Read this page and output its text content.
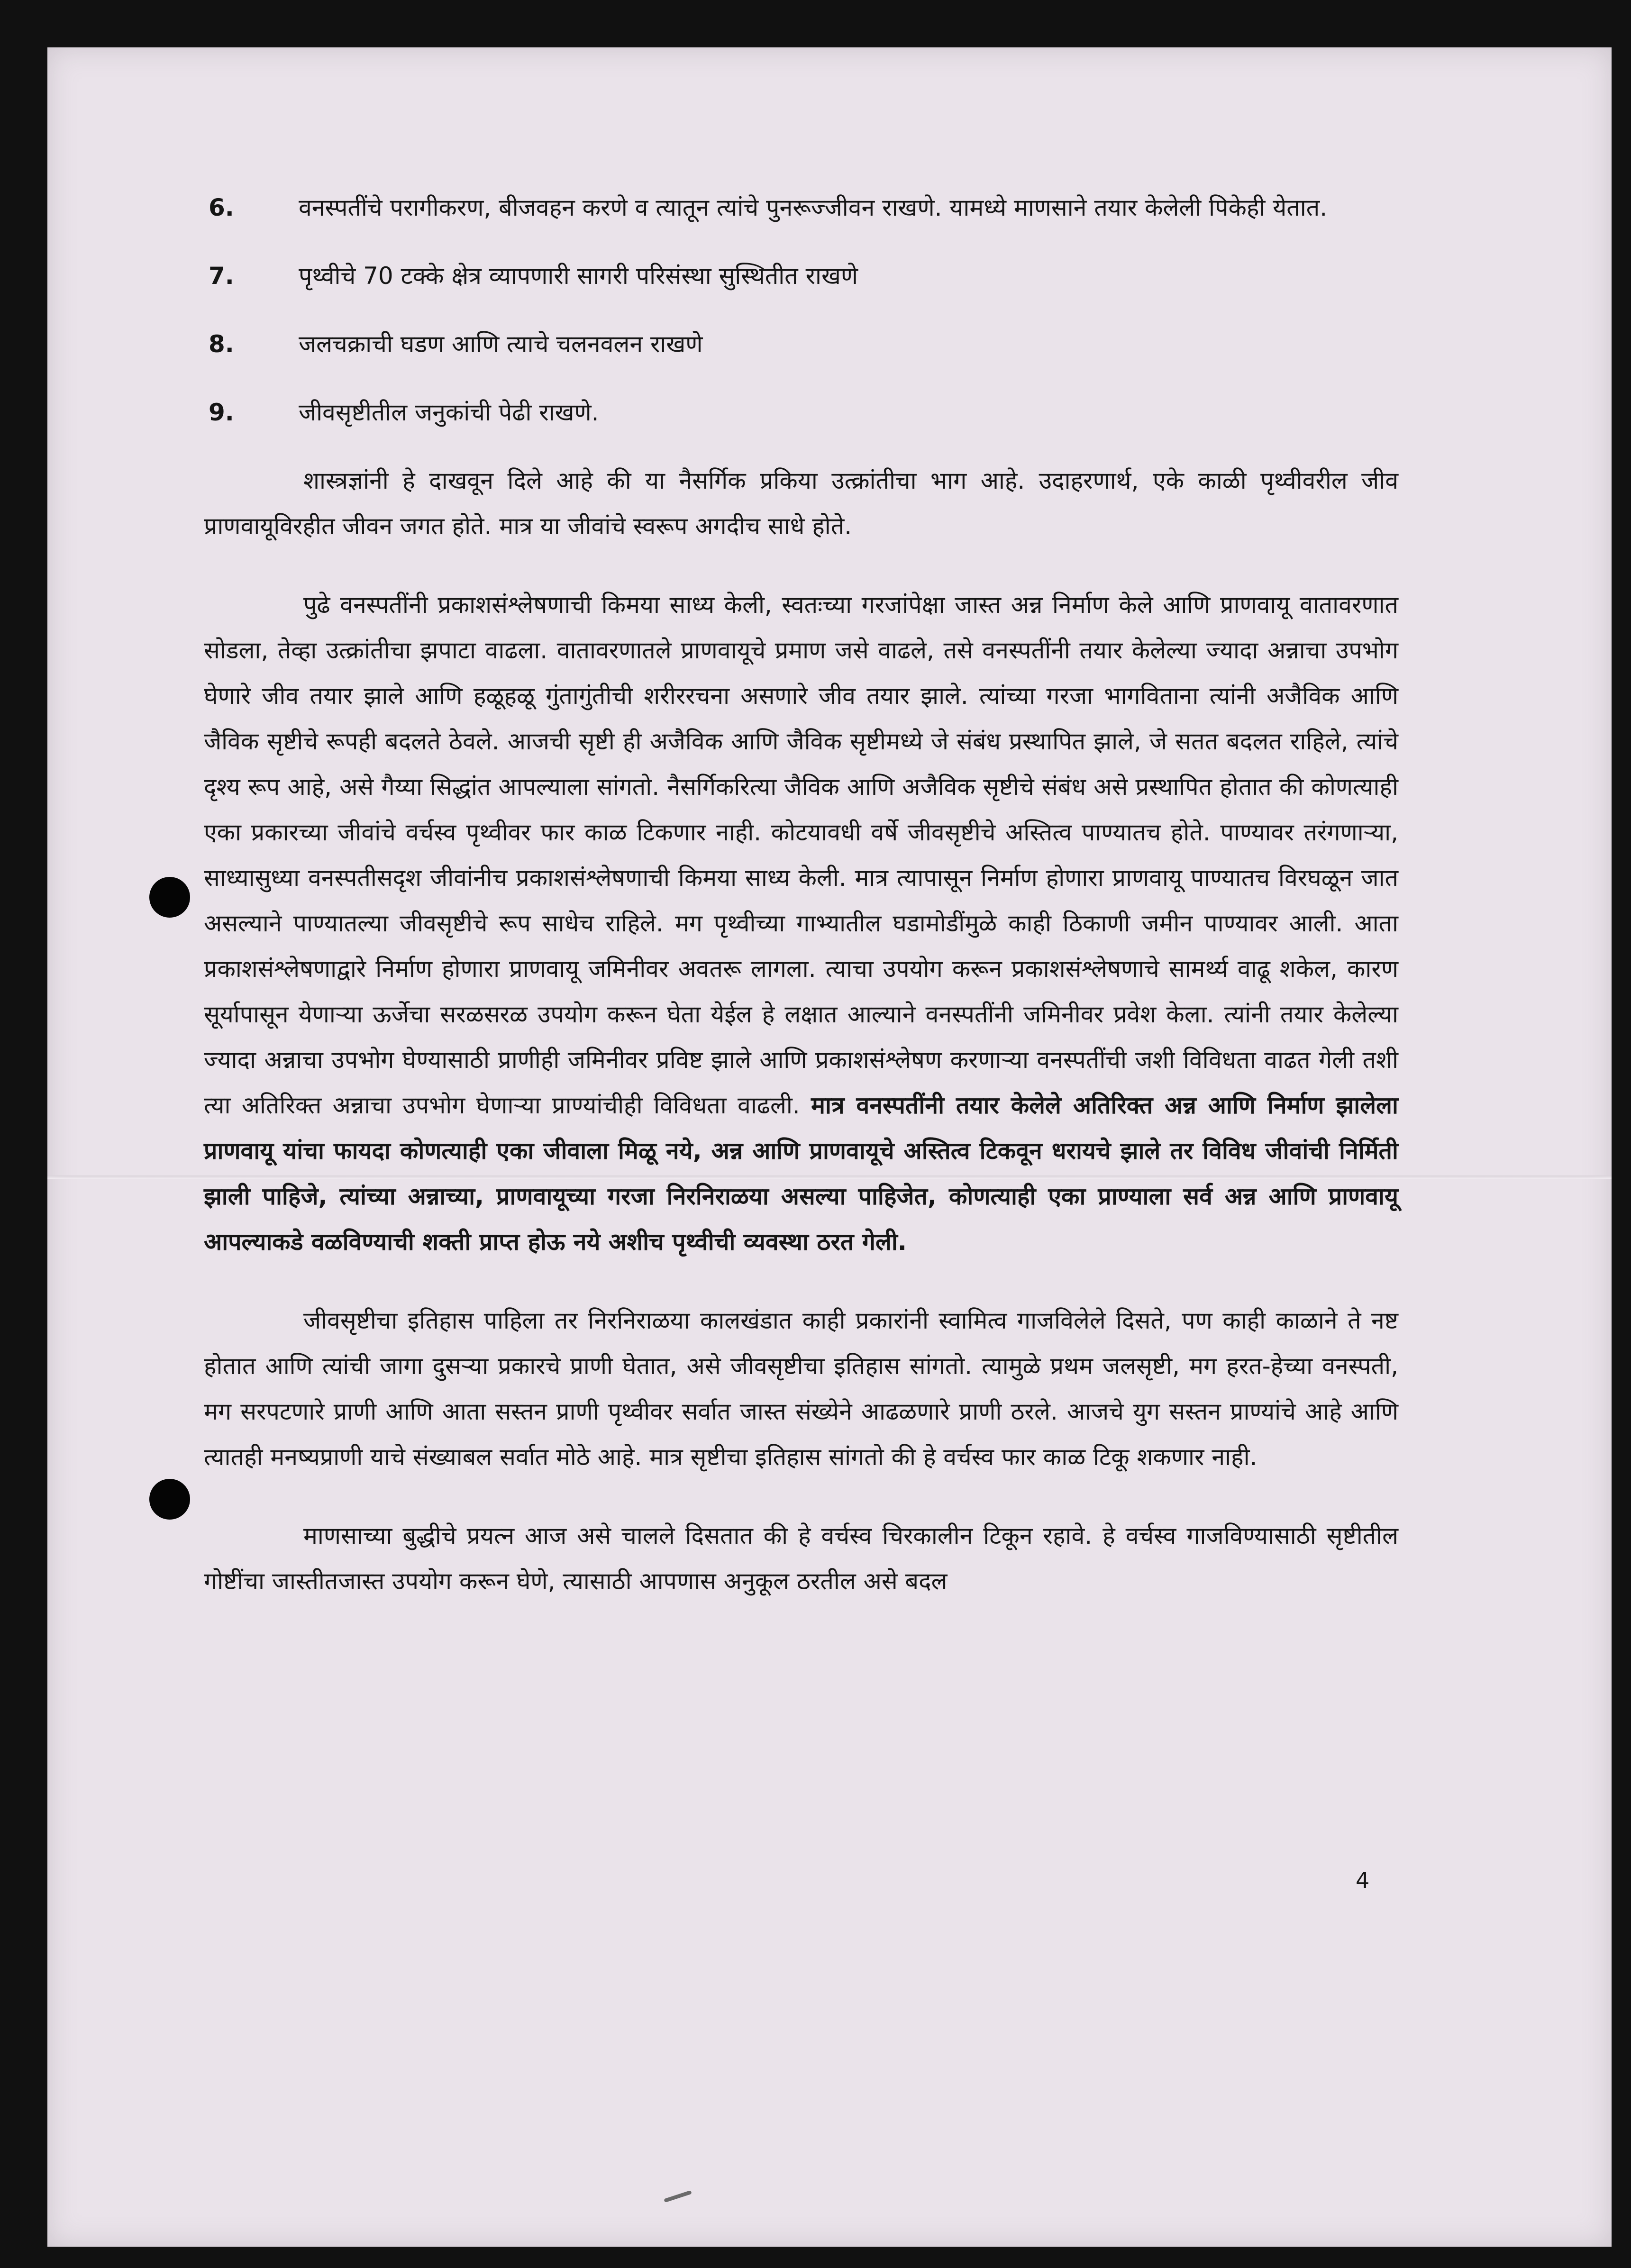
6.	वनस्पतींचे परागीकरण, बीजवहन करणे व त्यातून त्यांचे पुनरूज्जीवन राखणे. यामध्ये माणसाने तयार केलेली पिकेही येतात.
7.	पृथ्वीचे 70 टक्के क्षेत्र व्यापणारी सागरी परिसंस्था सुस्थितीत राखणे
8.	जलचक्राची घडण आणि त्याचे चलनवलन राखणे
9.	जीवसृष्टीतील जनुकांची पेढी राखणे.

शास्त्रज्ञांनी हे दाखवून दिले आहे की या नैसर्गिक प्रकिया उत्क्रांतीचा भाग आहे. उदाहरणार्थ, एके काळी पृथ्वीवरील जीव प्राणवायूविरहीत जीवन जगत होते. मात्र या जीवांचे स्वरूप अगदीच साधे होते.

पुढे वनस्पतींनी प्रकाशसंश्लेषणाची किमया साध्य केली, स्वतःच्या गरजांपेक्षा जास्त अन्न निर्माण केले आणि प्राणवायू वातावरणात सोडला, तेव्हा उत्क्रांतीचा झपाटा वाढला. वातावरणातले प्राणवायूचे प्रमाण जसे वाढले, तसे वनस्पतींनी तयार केलेल्या ज्यादा अन्नाचा उपभोग घेणारे जीव तयार झाले आणि हळूहळू गुंतागुंतीची शरीररचना असणारे जीव तयार झाले. त्यांच्या गरजा भागविताना त्यांनी अजैविक आणि जैविक सृष्टीचे रूपही बदलते ठेवले. आजची सृष्टी ही अजैविक आणि जैविक सृष्टीमध्ये जे संबंध प्रस्थापित झाले, जे सतत बदलत राहिले, त्यांचे दृश्य रूप आहे, असे गैय्या सिद्धांत आपल्याला सांगतो. नैसर्गिकरित्या जैविक आणि अजैविक सृष्टीचे संबंध असे प्रस्थापित होतात की कोणत्याही एका प्रकारच्या जीवांचे वर्चस्व पृथ्वीवर फार काळ टिकणार नाही. कोटयावधी वर्षे जीवसृष्टीचे अस्तित्व पाण्यातच होते. पाण्यावर तरंगणाऱ्या, साध्यासुध्या वनस्पतीसदृश जीवांनीच प्रकाशसंश्लेषणाची किमया साध्य केली. मात्र त्यापासून निर्माण होणारा प्राणवायू पाण्यातच विरघळून जात असल्याने पाण्यातल्या जीवसृष्टीचे रूप साधेच राहिले. मग पृथ्वीच्या गाभ्यातील घडामोडींमुळे काही ठिकाणी जमीन पाण्यावर आली. आता प्रकाशसंश्लेषणाद्वारे निर्माण होणारा प्राणवायू जमिनीवर अवतरू लागला. त्याचा उपयोग करून प्रकाशसंश्लेषणाचे सामर्थ्य वाढू शकेल, कारण सूर्यापासून येणाऱ्या ऊर्जेचा सरळसरळ उपयोग करून घेता येईल हे लक्षात आल्याने वनस्पतींनी जमिनीवर प्रवेश केला. त्यांनी तयार केलेल्या ज्यादा अन्नाचा उपभोग घेण्यासाठी प्राणीही जमिनीवर प्रविष्ट झाले आणि प्रकाशसंश्लेषण करणाऱ्या वनस्पतींची जशी विविधता वाढत गेली तशी त्या अतिरिक्त अन्नाचा उपभोग घेणाऱ्या प्राण्यांचीही विविधता वाढली. मात्र वनस्पतींनी तयार केलेले अतिरिक्त अन्न आणि निर्माण झालेला प्राणवायू यांचा फायदा कोणत्याही एका जीवाला मिळू नये, अन्न आणि प्राणवायूचे अस्तित्व टिकवून धरायचे झाले तर विविध जीवांची निर्मिती झाली पाहिजे, त्यांच्या अन्नाच्या, प्राणवायूच्या गरजा निरनिराळया असल्या पाहिजेत, कोणत्याही एका प्राण्याला सर्व अन्न आणि प्राणवायू आपल्याकडे वळविण्याची शक्ती प्राप्त होऊ नये अशीच पृथ्वीची व्यवस्था ठरत गेली.

जीवसृष्टीचा इतिहास पाहिला तर निरनिराळया कालखंडात काही प्रकारांनी स्वामित्व गाजविलेले दिसते, पण काही काळाने ते नष्ट होतात आणि त्यांची जागा दुसऱ्या प्रकारचे प्राणी घेतात, असे जीवसृष्टीचा इतिहास सांगतो. त्यामुळे प्रथम जलसृष्टी, मग हरत-हेच्या वनस्पती, मग सरपटणारे प्राणी आणि आता सस्तन प्राणी पृथ्वीवर सर्वात जास्त संख्येने आढळणारे प्राणी ठरले. आजचे युग सस्तन प्राण्यांचे आहे आणि त्यातही मनष्यप्राणी याचे संख्याबल सर्वात मोठे आहे. मात्र सृष्टीचा इतिहास सांगतो की हे वर्चस्व फार काळ टिकू शकणार नाही.

माणसाच्या बुद्धीचे प्रयत्न आज असे चालले दिसतात की हे वर्चस्व चिरकालीन टिकून रहावे. हे वर्चस्व गाजविण्यासाठी सृष्टीतील गोष्टींचा जास्तीतजास्त उपयोग करून घेणे, त्यासाठी आपणास अनुकूल ठरतील असे बदल

4
